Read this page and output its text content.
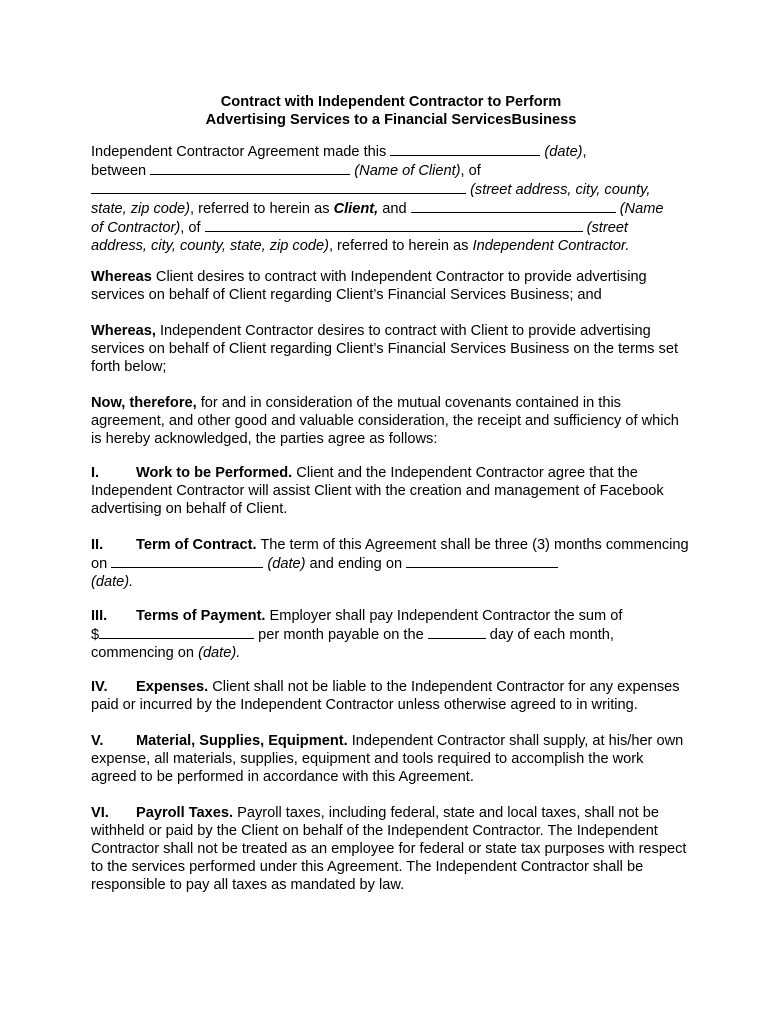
Contract with Independent Contractor to Perform
Advertising Services to a Financial ServicesBusiness

Independent Contractor Agreement made this	(date),
between	(Name of Client), of
(street address, city, county,
state, zip code), referred to herein as Client, and	(Name
of Contractor), of	(street
address, city, county, state, zip code), referred to herein as Independent Contractor.

Whereas Client desires to contract with Independent Contractor to provide advertising services on behalf of Client regarding Client’s Financial Services Business; and

Whereas, Independent Contractor desires to contract with Client to provide advertising services on behalf of Client regarding Client’s Financial Services Business on the terms set forth below;

Now, therefore, for and in consideration of the mutual covenants contained in this agreement, and other good and valuable consideration, the receipt and sufficiency of which is hereby acknowledged, the parties agree as follows:

I.	Work to be Performed. Client and the Independent Contractor agree that the Independent Contractor will assist Client with the creation and management of Facebook advertising on behalf of Client.

II. Term of Contract. The term of this Agreement shall be three (3) months commencing on	(date) and ending on
(date).

III. Terms of Payment. Employer shall pay Independent Contractor the sum of
$	per month payable on the	day of each month,
commencing on (date).

IV. Expenses. Client shall not be liable to the Independent Contractor for any expenses paid or incurred by the Independent Contractor unless otherwise agreed to in writing.

V. Material, Supplies, Equipment. Independent Contractor shall supply, at his/her own expense, all materials, supplies, equipment and tools required to accomplish the work agreed to be performed in accordance with this Agreement.

VI. Payroll Taxes. Payroll taxes, including federal, state and local taxes, shall not be withheld or paid by the Client on behalf of the Independent Contractor. The Independent Contractor shall not be treated as an employee for federal or state tax purposes with respect to the services performed under this Agreement. The Independent Contractor shall be responsible to pay all taxes as mandated by law.
